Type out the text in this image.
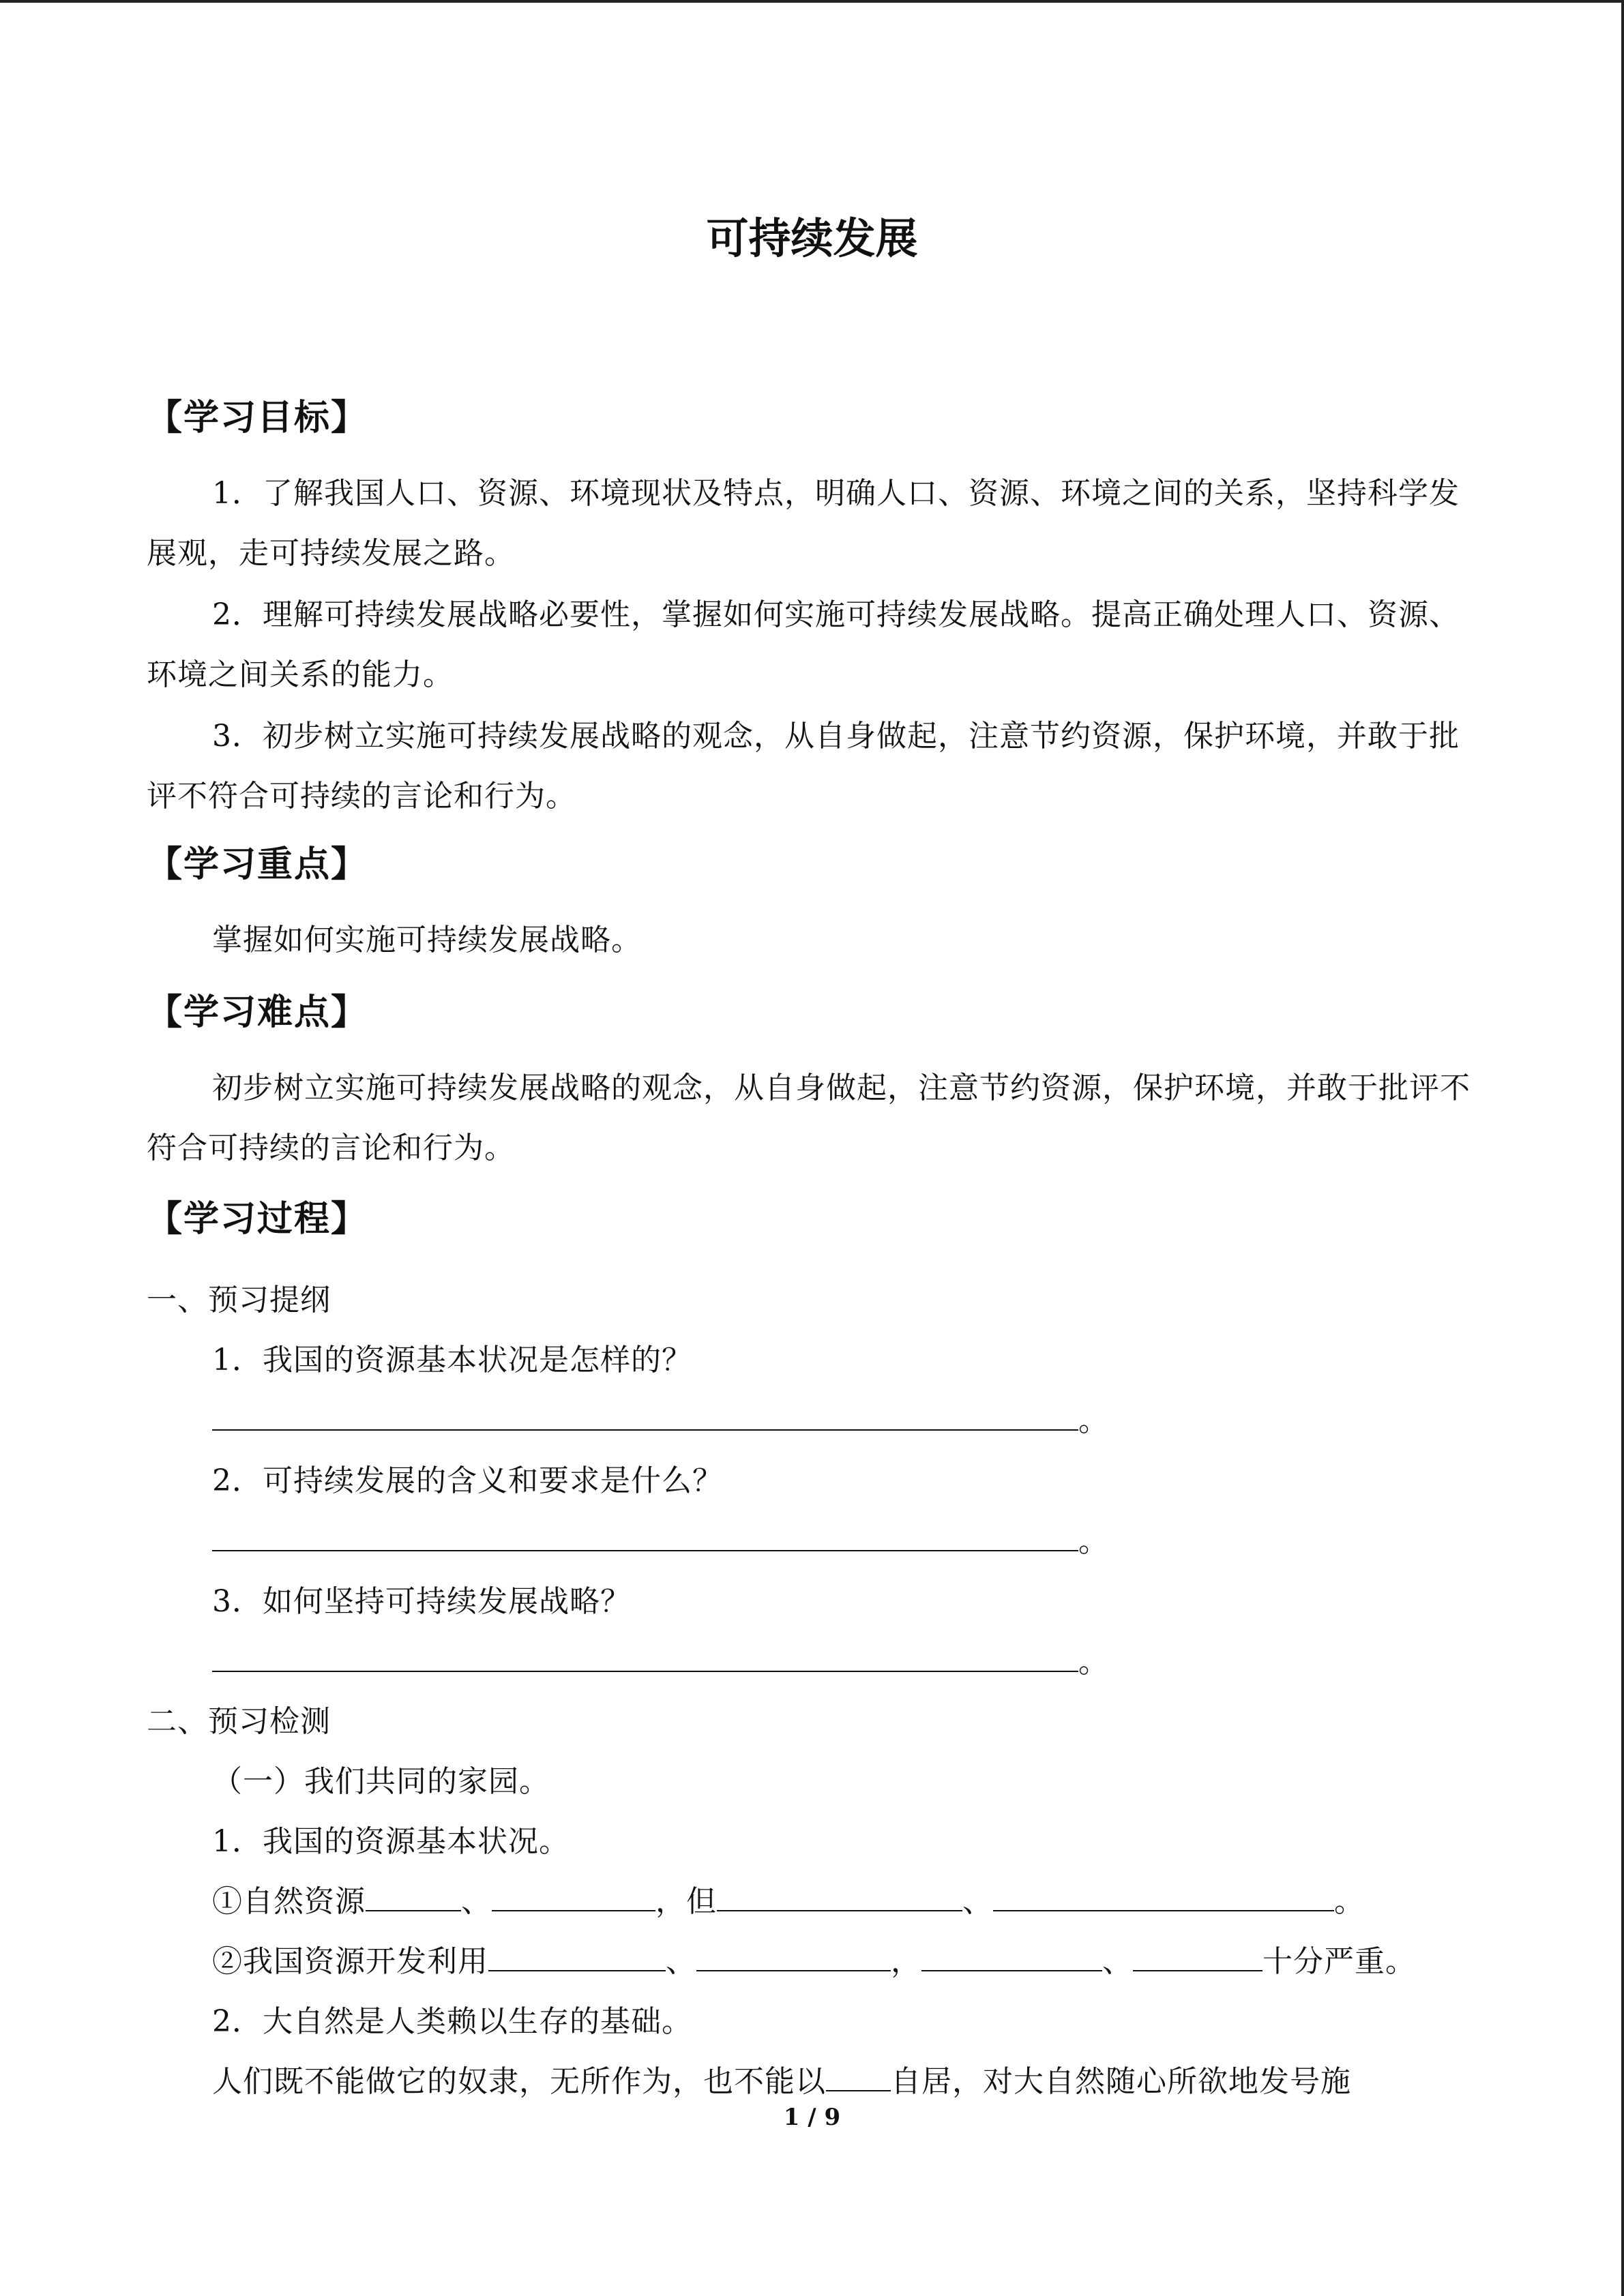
可持续发展
【学习目标】
1．了解我国人口、资源、环境现状及特点，明确人口、资源、环境之间的关系，坚持科学发展观，走可持续发展之路。
2．理解可持续发展战略必要性，掌握如何实施可持续发展战略。提高正确处理人口、资源、环境之间关系的能力。
3．初步树立实施可持续发展战略的观念，从自身做起，注意节约资源，保护环境，并敢于批评不符合可持续的言论和行为。
【学习重点】
掌握如何实施可持续发展战略。
【学习难点】
初步树立实施可持续发展战略的观念，从自身做起，注意节约资源，保护环境，并敢于批评不符合可持续的言论和行为。
【学习过程】
一、预习提纲
1．我国的资源基本状况是怎样的？
。
2．可持续发展的含义和要求是什么？
。
3．如何坚持可持续发展战略？
。
二、预习检测
（一）我们共同的家园。
1．我国的资源基本状况。
①自然资源	、	，但	、	。
②我国资源开发利用	、	，	、	十分严重。
2．大自然是人类赖以生存的基础。
人们既不能做它的奴隶，无所作为，也不能以 自居，对大自然随心所欲地发号施
1 / 9
